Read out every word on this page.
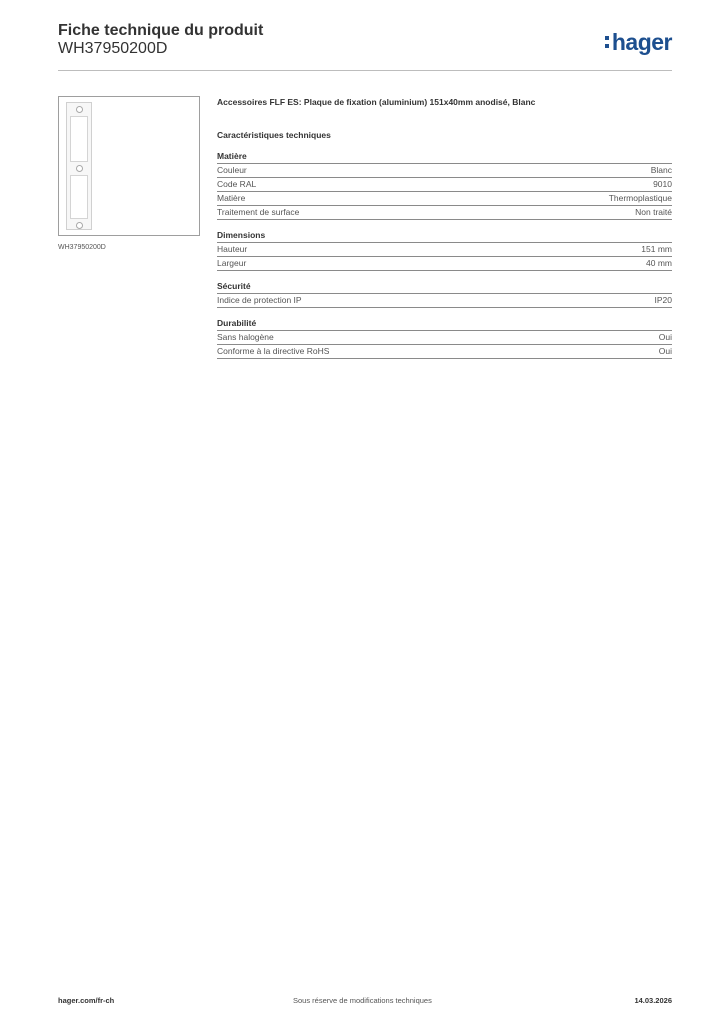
Fiche technique du produit
WH37950200D	hager
WH37950200D
Accessoires FLF ES: Plaque de fixation (aluminium) 151x40mm anodisé, Blanc
Caractéristiques techniques
Matière
Couleur	Blanc
Code RAL	9010
Matière	Thermoplastique
Traitement de surface	Non traité
Dimensions
Hauteur	151 mm
Largeur	40 mm
Sécurité
Indice de protection IP	IP20
Durabilité
Sans halogène	Oui
Conforme à la directive RoHS	Oui
hager.com/fr-ch	Sous réserve de modifications techniques	14.03.2026
